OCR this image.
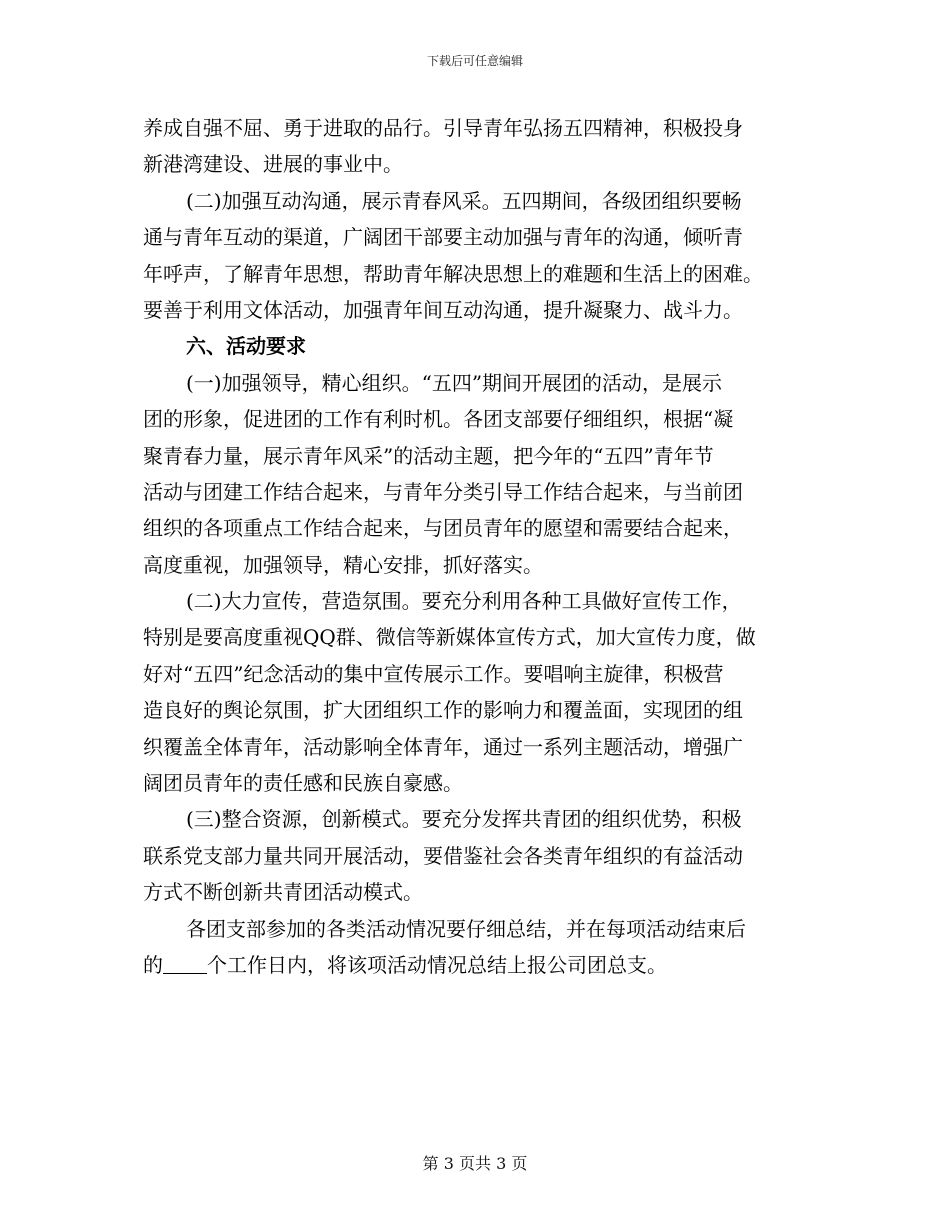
下载后可任意编辑
养成自强不屈、勇于进取的品行。引导青年弘扬五四精神，积极投身
新港湾建设、进展的事业中。
(二)加强互动沟通，展示青春风采。五四期间，各级团组织要畅
通与青年互动的渠道，广阔团干部要主动加强与青年的沟通，倾听青
年呼声，了解青年思想，帮助青年解决思想上的难题和生活上的困难。
要善于利用文体活动，加强青年间互动沟通，提升凝聚力、战斗力。
六、活动要求
(一)加强领导，精心组织。“五四”期间开展团的活动，是展示
团的形象，促进团的工作有利时机。各团支部要仔细组织，根据“凝
聚青春力量，展示青年风采”的活动主题，把今年的“五四”青年节
活动与团建工作结合起来，与青年分类引导工作结合起来，与当前团
组织的各项重点工作结合起来，与团员青年的愿望和需要结合起来，
高度重视，加强领导，精心安排，抓好落实。
(二)大力宣传，营造氛围。要充分利用各种工具做好宣传工作，
特别是要高度重视QQ群、微信等新媒体宣传方式，加大宣传力度，做
好对“五四”纪念活动的集中宣传展示工作。要唱响主旋律，积极营
造良好的舆论氛围，扩大团组织工作的影响力和覆盖面，实现团的组
织覆盖全体青年，活动影响全体青年，通过一系列主题活动，增强广
阔团员青年的责任感和民族自豪感。
(三)整合资源，创新模式。要充分发挥共青团的组织优势，积极
联系党支部力量共同开展活动，要借鉴社会各类青年组织的有益活动
方式不断创新共青团活动模式。
各团支部参加的各类活动情况要仔细总结，并在每项活动结束后
的 个工作日内，将该项活动情况总结上报公司团总支。
第 3 页共 3 页
